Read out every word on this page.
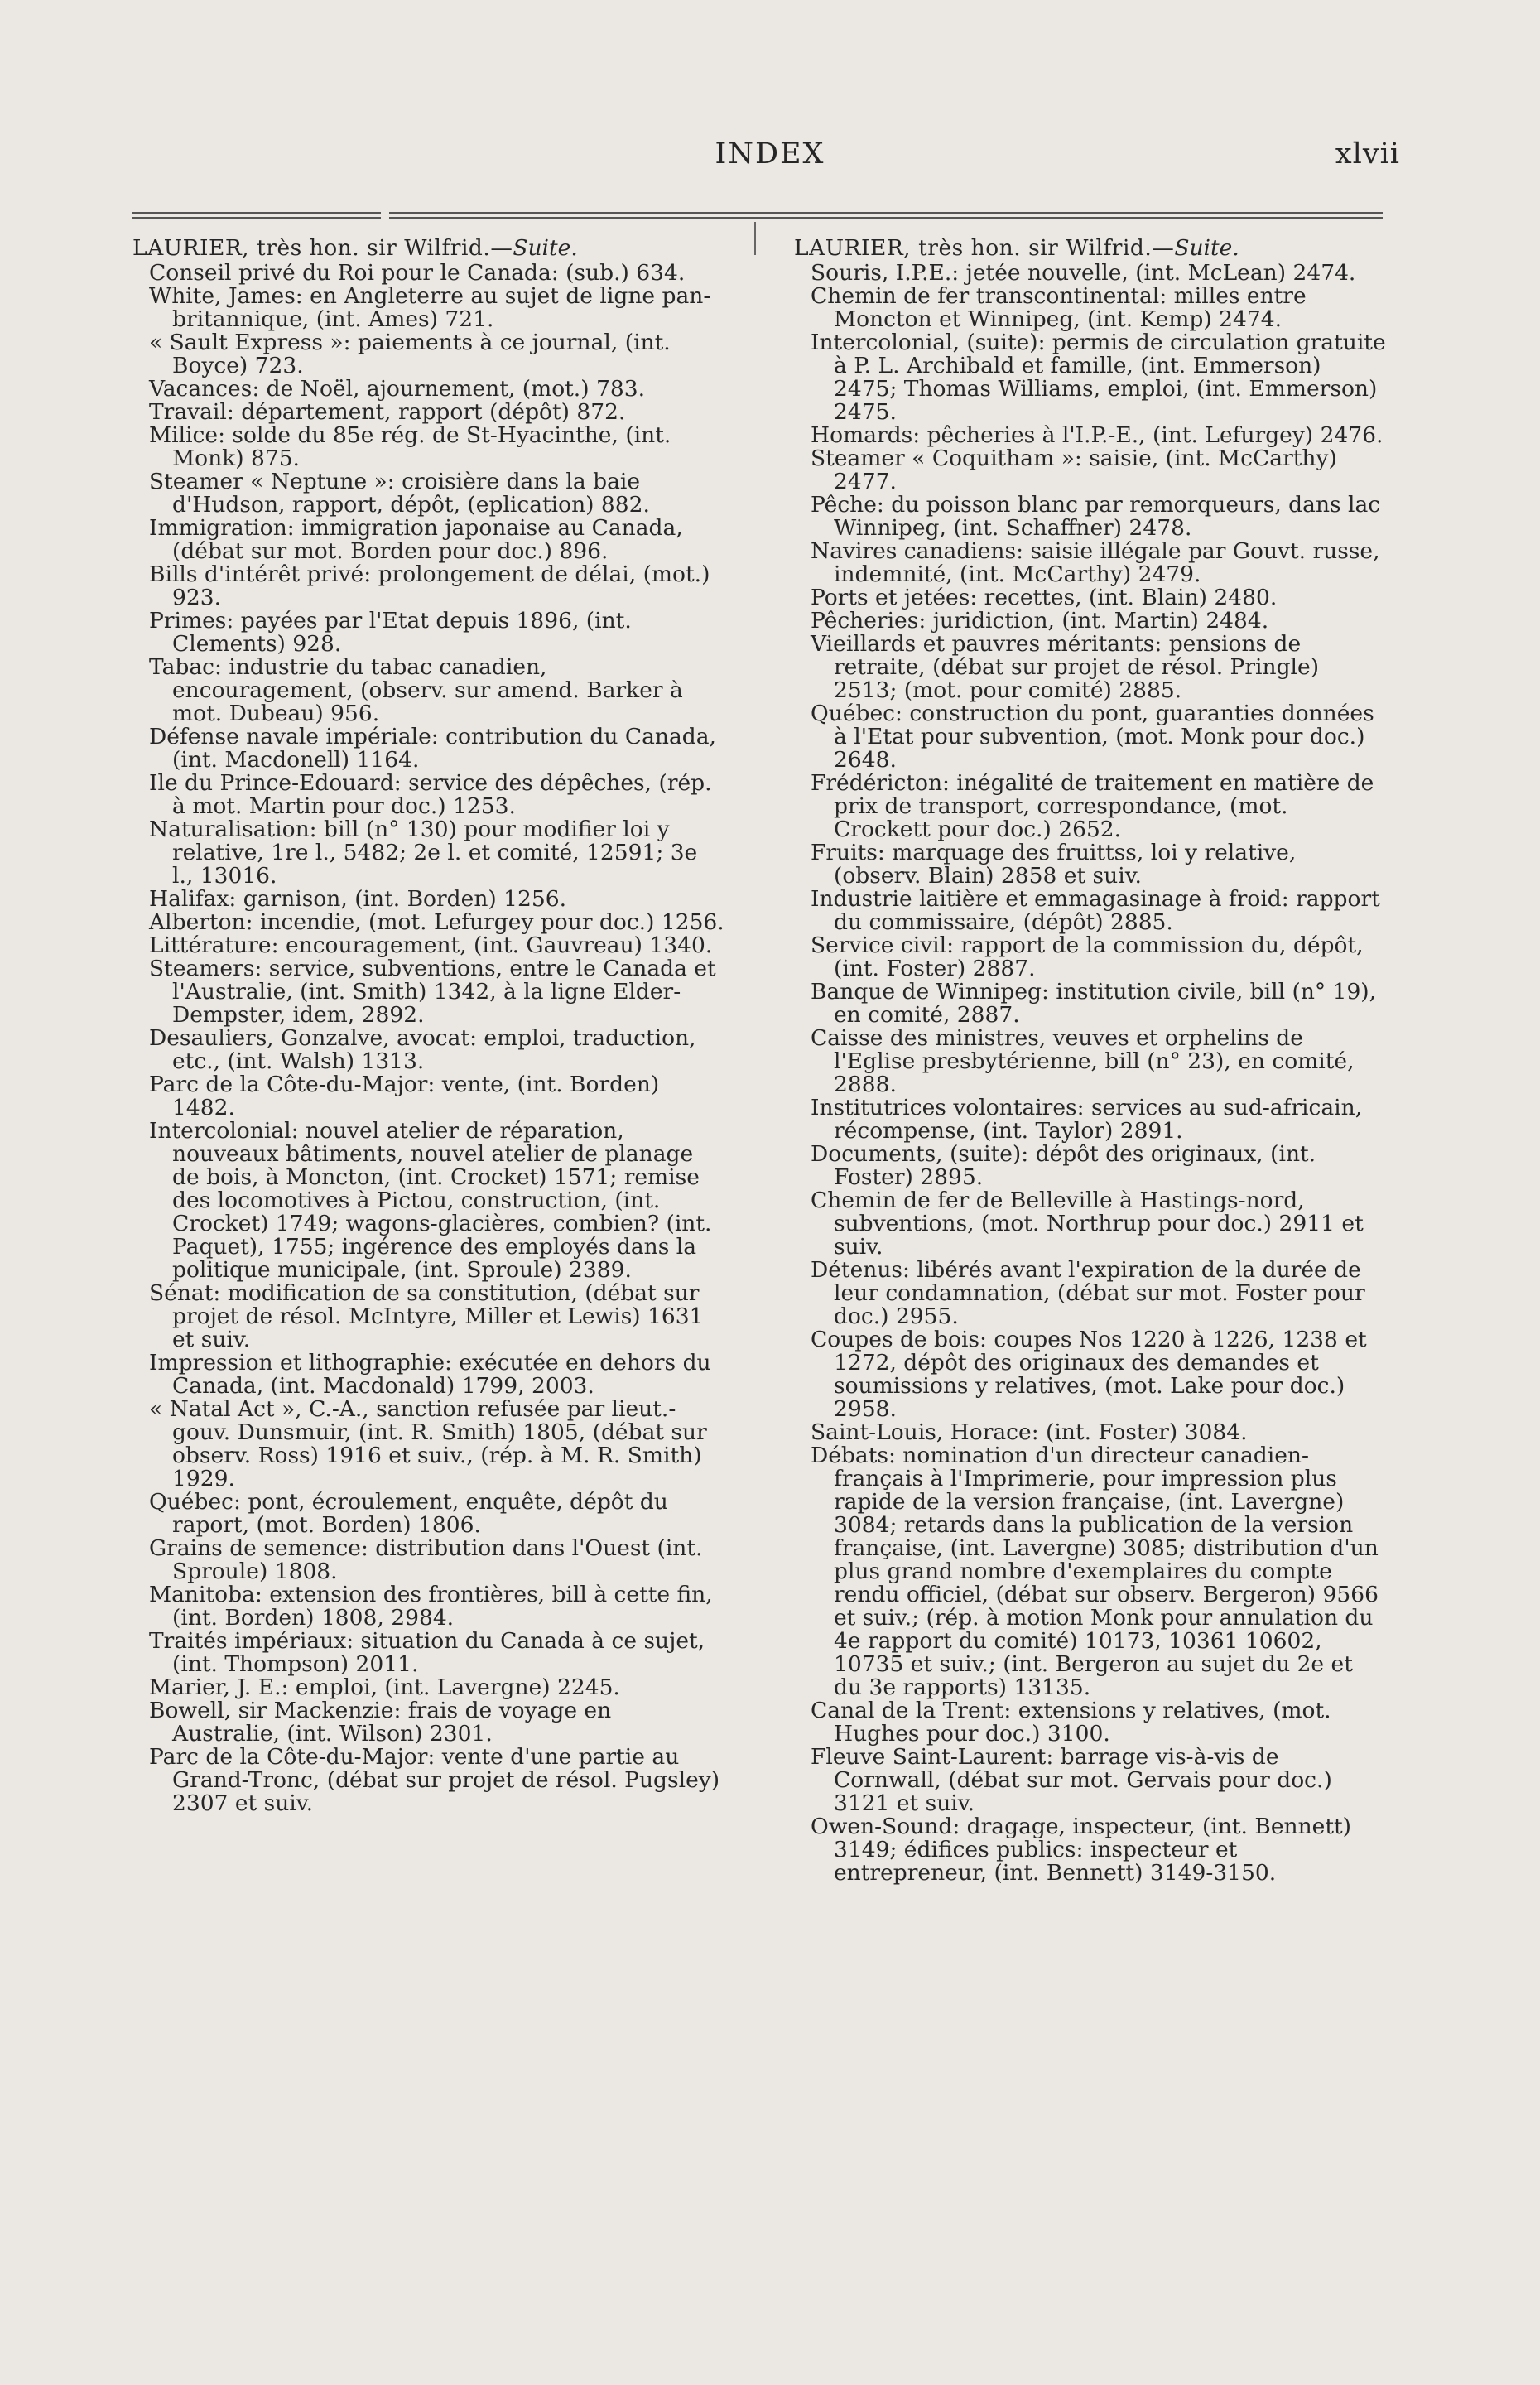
INDEX	xlvii
LAURIER, très hon. sir Wilfrid.—Suite.
Conseil privé du Roi pour le Canada: (sub.) 634.
White, James: en Angleterre au sujet de ligne pan-britannique, (int. Ames) 721.
« Sault Express »: paiements à ce journal, (int. Boyce) 723.
Vacances: de Noël, ajournement, (mot.) 783.
Travail: département, rapport (dépôt) 872.
Milice: solde du 85e rég. de St-Hyacinthe, (int. Monk) 875.
Steamer « Neptune »: croisière dans la baie d'Hudson, rapport, dépôt, (eplication) 882.
Immigration: immigration japonaise au Canada, (débat sur mot. Borden pour doc.) 896.
Bills d'intérêt privé: prolongement de délai, (mot.) 923.
Primes: payées par l'Etat depuis 1896, (int. Clements) 928.
Tabac: industrie du tabac canadien, encouragement, (observ. sur amend. Barker à mot. Dubeau) 956.
Défense navale impériale: contribution du Canada, (int. Macdonell) 1164.
Ile du Prince-Edouard: service des dépêches, (rép. à mot. Martin pour doc.) 1253.
Naturalisation: bill (n° 130) pour modifier loi y relative, 1re l., 5482; 2e l. et comité, 12591; 3e l., 13016.
Halifax: garnison, (int. Borden) 1256.
Alberton: incendie, (mot. Lefurgey pour doc.) 1256.
Littérature: encouragement, (int. Gauvreau) 1340.
Steamers: service, subventions, entre le Canada et l'Australie, (int. Smith) 1342, à la ligne Elder-Dempster, idem, 2892.
Desauliers, Gonzalve, avocat: emploi, traduction, etc., (int. Walsh) 1313.
Parc de la Côte-du-Major: vente, (int. Borden) 1482.
Intercolonial: nouvel atelier de réparation, nouveaux bâtiments, nouvel atelier de planage de bois, à Moncton, (int. Crocket) 1571; remise des locomotives à Pictou, construction, (int. Crocket) 1749; wagons-glacières, combien? (int. Paquet), 1755; ingérence des employés dans la politique municipale, (int. Sproule) 2389.
Sénat: modification de sa constitution, (débat sur projet de résol. McIntyre, Miller et Lewis) 1631 et suiv.
Impression et lithographie: exécutée en dehors du Canada, (int. Macdonald) 1799, 2003.
« Natal Act », C.-A., sanction refusée par lieut.-gouv. Dunsmuir, (int. R. Smith) 1805, (débat sur observ. Ross) 1916 et suiv., (rép. à M. R. Smith) 1929.
Québec: pont, écroulement, enquête, dépôt du raport, (mot. Borden) 1806.
Grains de semence: distribution dans l'Ouest (int. Sproule) 1808.
Manitoba: extension des frontières, bill à cette fin, (int. Borden) 1808, 2984.
Traités impériaux: situation du Canada à ce sujet, (int. Thompson) 2011.
Marier, J. E.: emploi, (int. Lavergne) 2245.
Bowell, sir Mackenzie: frais de voyage en Australie, (int. Wilson) 2301.
Parc de la Côte-du-Major: vente d'une partie au Grand-Tronc, (débat sur projet de résol. Pugsley) 2307 et suiv.
LAURIER, très hon. sir Wilfrid.—Suite.
Souris, I.P.E.: jetée nouvelle, (int. McLean) 2474.
Chemin de fer transcontinental: milles entre Moncton et Winnipeg, (int. Kemp) 2474.
Intercolonial, (suite): permis de circulation gratuite à P. L. Archibald et famille, (int. Emmerson) 2475; Thomas Williams, emploi, (int. Emmerson) 2475.
Homards: pêcheries à l'I.P.-E., (int. Lefurgey) 2476.
Steamer « Coquitham »: saisie, (int. McCarthy) 2477.
Pêche: du poisson blanc par remorqueurs, dans lac Winnipeg, (int. Schaffner) 2478.
Navires canadiens: saisie illégale par Gouvt. russe, indemnité, (int. McCarthy) 2479.
Ports et jetées: recettes, (int. Blain) 2480.
Pêcheries: juridiction, (int. Martin) 2484.
Vieillards et pauvres méritants: pensions de retraite, (débat sur projet de résol. Pringle) 2513; (mot. pour comité) 2885.
Québec: construction du pont, guaranties données à l'Etat pour subvention, (mot. Monk pour doc.) 2648.
Frédéricton: inégalité de traitement en matière de prix de transport, correspondance, (mot. Crockett pour doc.) 2652.
Fruits: marquage des fruittss, loi y relative, (observ. Blain) 2858 et suiv.
Industrie laitière et emmagasinage à froid: rapport du commissaire, (dépôt) 2885.
Service civil: rapport de la commission du, dépôt, (int. Foster) 2887.
Banque de Winnipeg: institution civile, bill (n° 19), en comité, 2887.
Caisse des ministres, veuves et orphelins de l'Eglise presbytérienne, bill (n° 23), en comité, 2888.
Institutrices volontaires: services au sud-africain, récompense, (int. Taylor) 2891.
Documents, (suite): dépôt des originaux, (int. Foster) 2895.
Chemin de fer de Belleville à Hastings-nord, subventions, (mot. Northrup pour doc.) 2911 et suiv.
Détenus: libérés avant l'expiration de la durée de leur condamnation, (débat sur mot. Foster pour doc.) 2955.
Coupes de bois: coupes Nos 1220 à 1226, 1238 et 1272, dépôt des originaux des demandes et soumissions y relatives, (mot. Lake pour doc.) 2958.
Saint-Louis, Horace: (int. Foster) 3084.
Débats: nomination d'un directeur canadien-français à l'Imprimerie, pour impression plus rapide de la version française, (int. Lavergne) 3084; retards dans la publication de la version française, (int. Lavergne) 3085; distribution d'un plus grand nombre d'exemplaires du compte rendu officiel, (débat sur observ. Bergeron) 9566 et suiv.; (rép. à motion Monk pour annulation du 4e rapport du comité) 10173, 10361 10602, 10735 et suiv.; (int. Bergeron au sujet du 2e et du 3e rapports) 13135.
Canal de la Trent: extensions y relatives, (mot. Hughes pour doc.) 3100.
Fleuve Saint-Laurent: barrage vis-à-vis de Cornwall, (débat sur mot. Gervais pour doc.) 3121 et suiv.
Owen-Sound: dragage, inspecteur, (int. Bennett) 3149; édifices publics: inspecteur et entrepreneur, (int. Bennett) 3149-3150.
